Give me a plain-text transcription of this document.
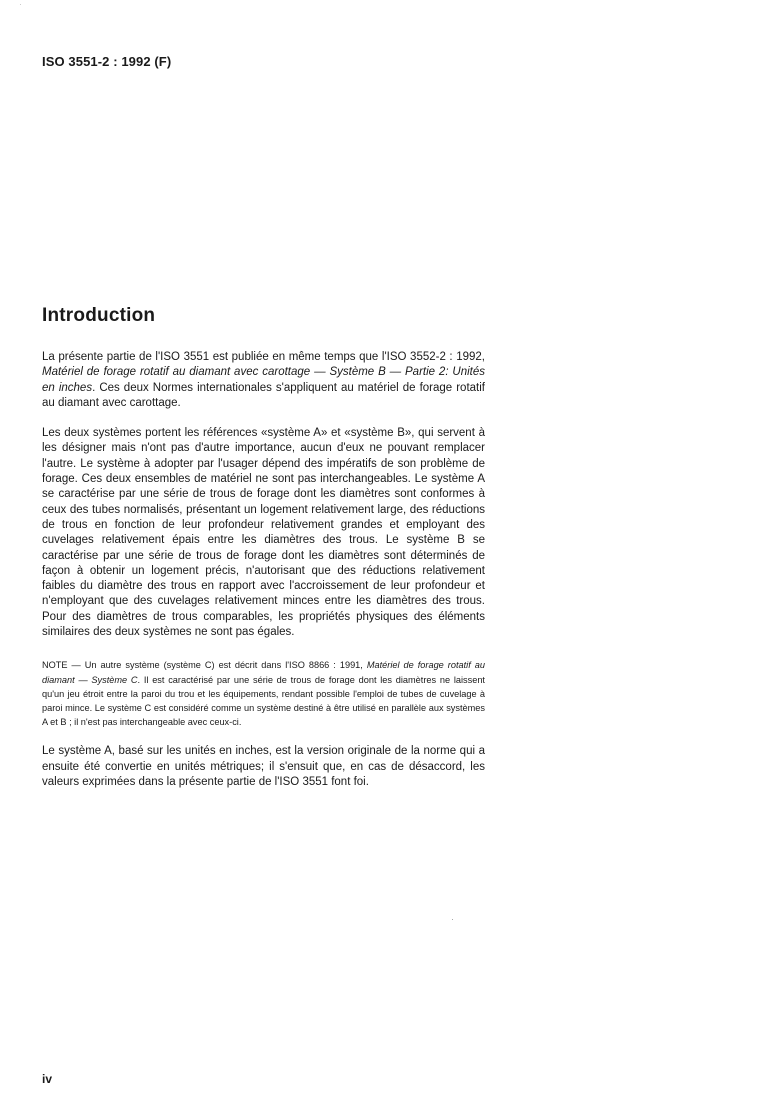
ISO 3551-2 : 1992 (F)

Introduction

La présente partie de l'ISO 3551 est publiée en même temps que l'ISO 3552-2 : 1992, Matériel de forage rotatif au diamant avec carottage — Système B — Partie 2: Unités en inches. Ces deux Normes internationales s'appliquent au matériel de forage rotatif au diamant avec carottage.

Les deux systèmes portent les références «système A» et «système B», qui servent à les désigner mais n'ont pas d'autre importance, aucun d'eux ne pouvant remplacer l'autre. Le système à adopter par l'usager dépend des impératifs de son problème de forage. Ces deux ensembles de matériel ne sont pas interchangeables. Le système A se caractérise par une série de trous de forage dont les diamètres sont conformes à ceux des tubes normalisés, présentant un logement relativement large, des réductions de trous en fonction de leur profondeur relativement grandes et employant des cuvelages relativement épais entre les diamètres des trous. Le système B se caractérise par une série de trous de forage dont les diamètres sont déterminés de façon à obtenir un logement précis, n'autorisant que des réductions relativement faibles du diamètre des trous en rapport avec l'accroissement de leur profondeur et n'employant que des cuvelages relativement minces entre les diamètres des trous. Pour des diamètres de trous comparables, les propriétés physiques des éléments similaires des deux systèmes ne sont pas égales.

NOTE — Un autre système (système C) est décrit dans l'ISO 8866 : 1991, Matériel de forage rotatif au diamant — Système C. Il est caractérisé par une série de trous de forage dont les diamètres ne laissent qu'un jeu étroit entre la paroi du trou et les équipements, rendant possible l'emploi de tubes de cuvelage à paroi mince. Le système C est considéré comme un système destiné à être utilisé en parallèle aux systèmes A et B ; il n'est pas interchangeable avec ceux-ci.

Le système A, basé sur les unités en inches, est la version originale de la norme qui a ensuite été convertie en unités métriques; il s'ensuit que, en cas de désaccord, les valeurs exprimées dans la présente partie de l'ISO 3551 font foi.

iv
